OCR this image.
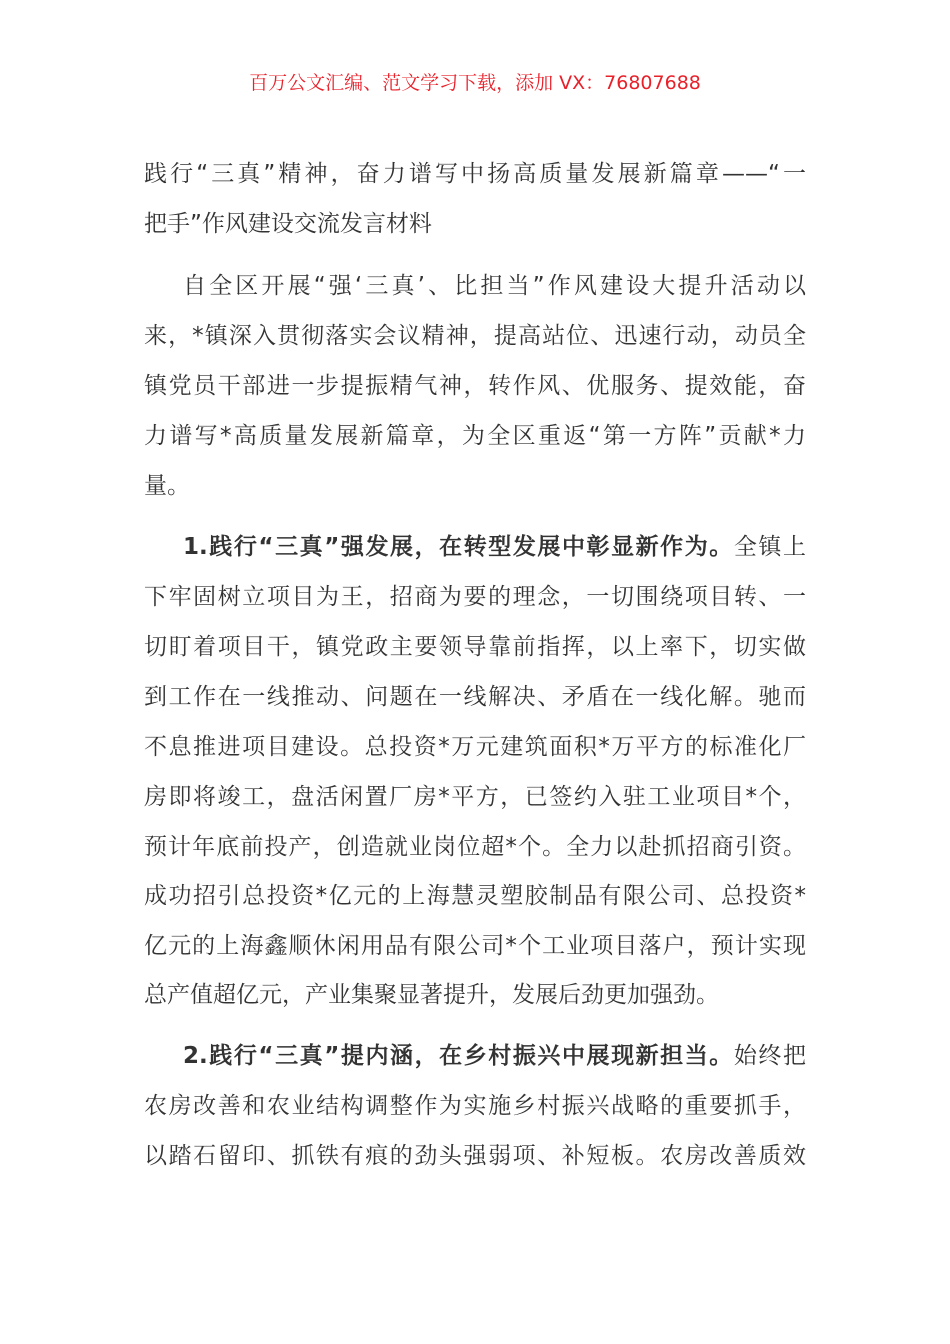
百万公文汇编、范文学习下载，添加 VX：76807688
践行“三真”精神，奋力谱写中扬高质量发展新篇章——“一
把手”作风建设交流发言材料
自全区开展“强‘三真’、比担当”作风建设大提升活动以
来，*镇深入贯彻落实会议精神，提高站位、迅速行动，动员全
镇党员干部进一步提振精气神，转作风、优服务、提效能，奋
力谱写*高质量发展新篇章，为全区重返“第一方阵”贡献*力
量。
1.践行“三真”强发展，在转型发展中彰显新作为。全镇上
下牢固树立项目为王，招商为要的理念，一切围绕项目转、一
切盯着项目干，镇党政主要领导靠前指挥，以上率下，切实做
到工作在一线推动、问题在一线解决、矛盾在一线化解。驰而
不息推进项目建设。总投资*万元建筑面积*万平方的标准化厂
房即将竣工，盘活闲置厂房*平方，已签约入驻工业项目*个，
预计年底前投产，创造就业岗位超*个。全力以赴抓招商引资。
成功招引总投资*亿元的上海慧灵塑胶制品有限公司、总投资*
亿元的上海鑫顺休闲用品有限公司*个工业项目落户，预计实现
总产值超亿元，产业集聚显著提升，发展后劲更加强劲。
2.践行“三真”提内涵，在乡村振兴中展现新担当。始终把
农房改善和农业结构调整作为实施乡村振兴战略的重要抓手，
以踏石留印、抓铁有痕的劲头强弱项、补短板。农房改善质效
